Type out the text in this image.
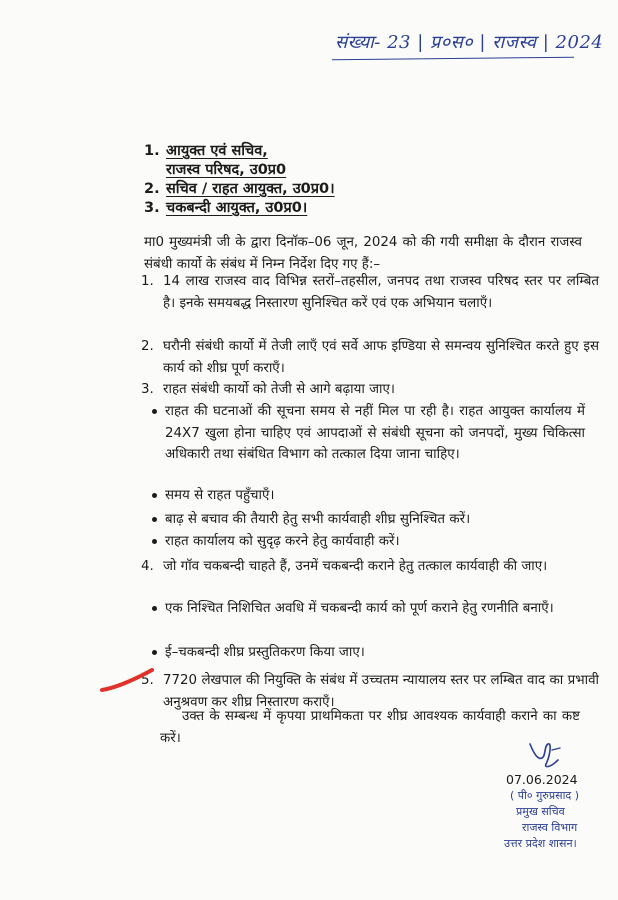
संख्या- 23 | प्र०स० | राजस्व | 2024
1. आयुक्त एवं सचिव,
राजस्व परिषद, उ0प्र0
2. सचिव / राहत आयुक्त, उ0प्र0।
3. चकबन्दी आयुक्त, उ0प्र0।
मा0 मुख्यमंत्री जी के द्वारा दिनॉक–06 जून, 2024 को की गयी समीक्षा के दौरान राजस्व संबंधी कार्यो के संबंध में निम्न निर्देश दिए गए हैं:–
1. 14 लाख राजस्व वाद विभिन्न स्तरों–तहसील, जनपद तथा राजस्व परिषद स्तर पर लम्बित है। इनके समयबद्ध निस्तारण सुनिश्चित करें एवं एक अभियान चलाएँ।
2. घरौनी संबंधी कार्यो में तेजी लाएँ एवं सर्वे आफ इण्डिया से समन्वय सुनिश्चित करते हुए इस कार्य को शीघ्र पूर्ण कराएँ।
3. राहत संबंधी कार्यो को तेजी से आगे बढ़ाया जाए।
राहत की घटनाओं की सूचना समय से नहीं मिल पा रही है। राहत आयुक्त कार्यालय में 24X7 खुला होना चाहिए एवं आपदाओं से संबंधी सूचना को जनपदों, मुख्य चिकित्सा अधिकारी तथा संबंधित विभाग को तत्काल दिया जाना चाहिए।
समय से राहत पहुँचाएँ।
बाढ़ से बचाव की तैयारी हेतु सभी कार्यवाही शीघ्र सुनिश्चित करें।
राहत कार्यालय को सुदृढ़ करने हेतु कार्यवाही करें।
4. जो गॉव चकबन्दी चाहते हैं, उनमें चकबन्दी कराने हेतु तत्काल कार्यवाही की जाए।
एक निश्चित निशिचित अवधि में चकबन्दी कार्य को पूर्ण कराने हेतु रणनीति बनाएँ।
ई–चकबन्दी शीघ्र प्रस्तुतिकरण किया जाए।
5. 7720 लेखपाल की नियुक्ति के संबंध में उच्चतम न्यायालय स्तर पर लम्बित वाद का प्रभावी अनुश्रवण कर शीघ्र निस्तारण कराएँ।
उक्त के सम्बन्ध में कृपया प्राथमिकता पर शीघ्र आवश्यक कार्यवाही कराने का कष्ट करें।
07.06.2024
( पी० गुरुप्रसाद )
प्रमुख सचिव
राजस्व विभाग
उत्तर प्रदेश शासन।
